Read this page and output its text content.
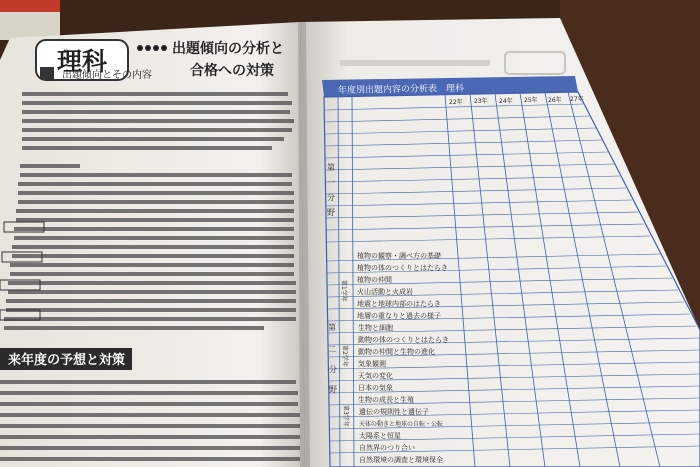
理科	出題傾向の分析と
合格への対策
出題傾向とその内容
来年度の予想と対策
年度別出題内容の分析表　理科
22年 23年 24年 25年 26年 27年
第
一
分
野
第
二
分
野
第1学年
第2学年
第3学年
植物の観察・調べ方の基礎
植物の体のつくりとはたらき
植物の仲間
火山活動と火成岩
地震と地球内部のはたらき
地層の重なりと過去の様子
生物と細胞
動物の体のつくりとはたらき
動物の仲間と生物の進化
気象観測
天気の変化
日本の気象
生物の成長と生殖
遺伝の規則性と遺伝子
天体の動きと地球の自転・公転
太陽系と恒星
自然界のつり合い
自然環境の調査と環境保全
